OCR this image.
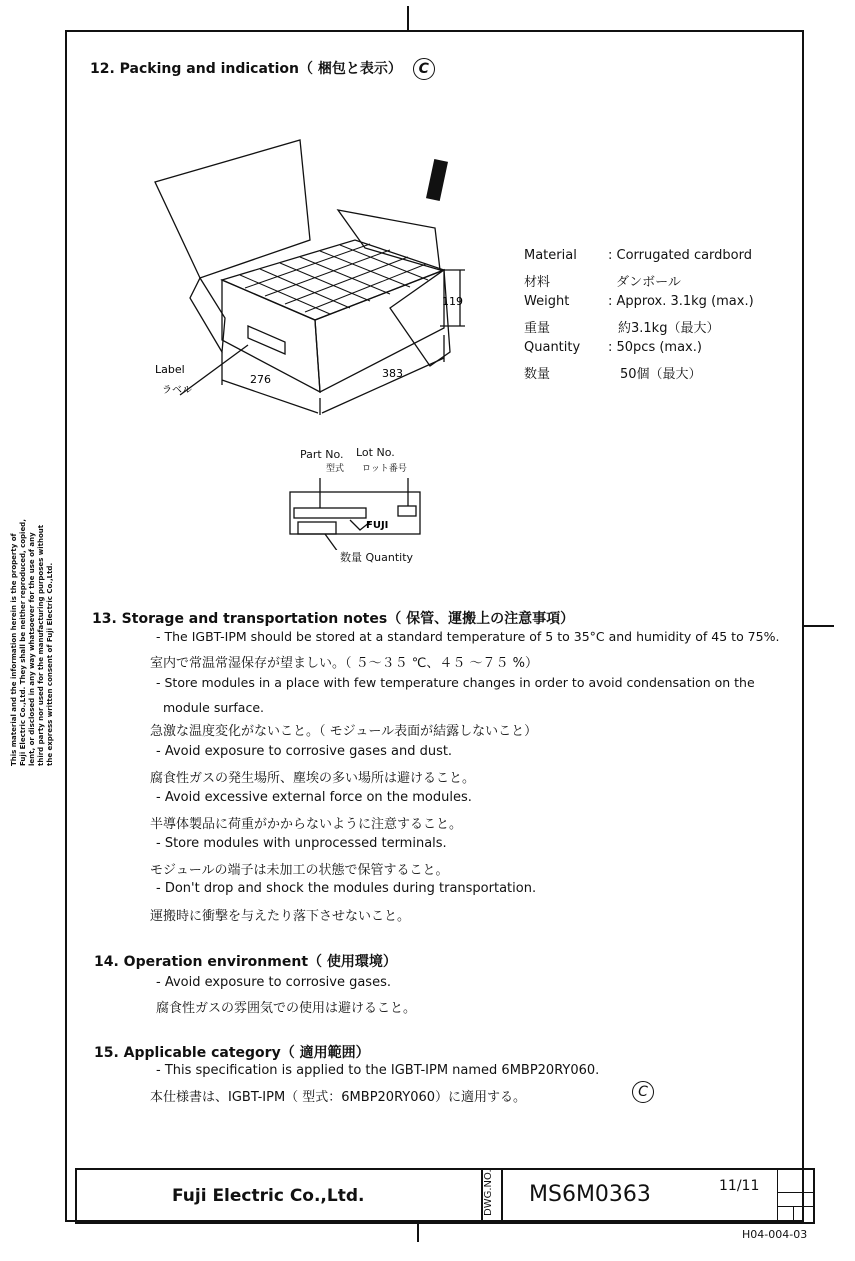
This material and the information herein is the property of Fuji Electric Co.,Ltd. They shall be neither reproduced, copied, lent, or disclosed in any way whatsoever for the use of any third party nor used for the manufacturing purposes without the express written consent of Fuji Electric Co.,Ltd.
12. Packing and indication（ 梱包と表示） C
119
276	383
Label
ラベル
Material : Corrugated cardbord
材料	ダンボール
Weight	: Approx. 3.1kg (max.)
重量	約3.1kg（最大）
Quantity : 50pcs (max.)
数量	50個（最大）
Part No.
型式
Lot No.
ロット番号
FUJI
数量 Quantity
13. Storage and transportation notes（ 保管、運搬上の注意事項）
- The IGBT-IPM should be stored at a standard temperature of 5 to 35°C and humidity of 45 to 75%.
室内で常温常湿保存が望ましい。（ ５～３５ ℃、４５ ～７５ %）
- Store modules in a place with few temperature changes in order to avoid condensation on the
module surface.
急激な温度変化がないこと。（ モジュール表面が結露しないこと）
- Avoid exposure to corrosive gases and dust.
腐食性ガスの発生場所、塵埃の多い場所は避けること。
- Avoid excessive external force on the modules.
半導体製品に荷重がかからないように注意すること。
- Store modules with unprocessed terminals.
モジュールの端子は未加工の状態で保管すること。
- Don't drop and shock the modules during transportation.
運搬時に衝撃を与えたり落下させないこと。
14. Operation environment（ 使用環境）
- Avoid exposure to corrosive gases.
腐食性ガスの雰囲気での使用は避けること。
15. Applicable category（ 適用範囲）
- This specification is applied to the IGBT-IPM named 6MBP20RY060.
本仕様書は、IGBT-IPM（ 型式：6MBP20RY060）に適用する。	C
Fuji Electric Co.,Ltd.	DWG.NO. MS6M0363	11/11
H04-004-03
